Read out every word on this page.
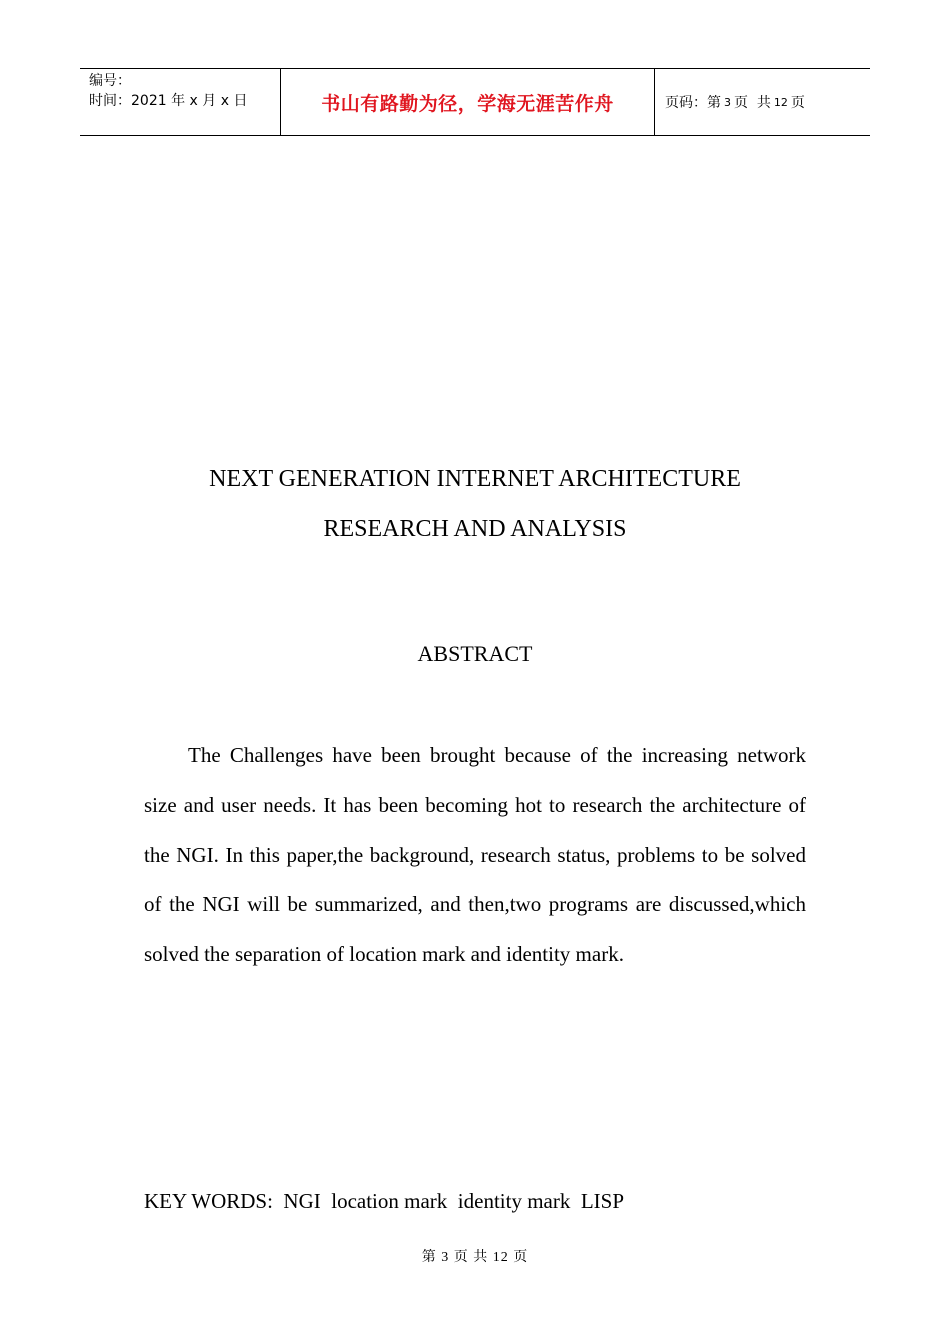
编号：
时间：2021 年 x 月 x 日	书山有路勤为径，学海无涯苦作舟	页码：第 3 页
共 12 页
NEXT GENERATION INTERNET ARCHITECTURE
RESEARCH AND ANALYSIS
ABSTRACT

The Challenges have been brought because of the increasing network size and user needs. It has been becoming hot to research the architecture of the NGI. In this paper,the background, research status, problems to be solved of the NGI will be summarized, and then,two programs are discussed,which solved the separation of location mark and identity mark.

KEY WORDS:  NGI  location mark  identity mark  LISP
第 3 页 共 12 页
